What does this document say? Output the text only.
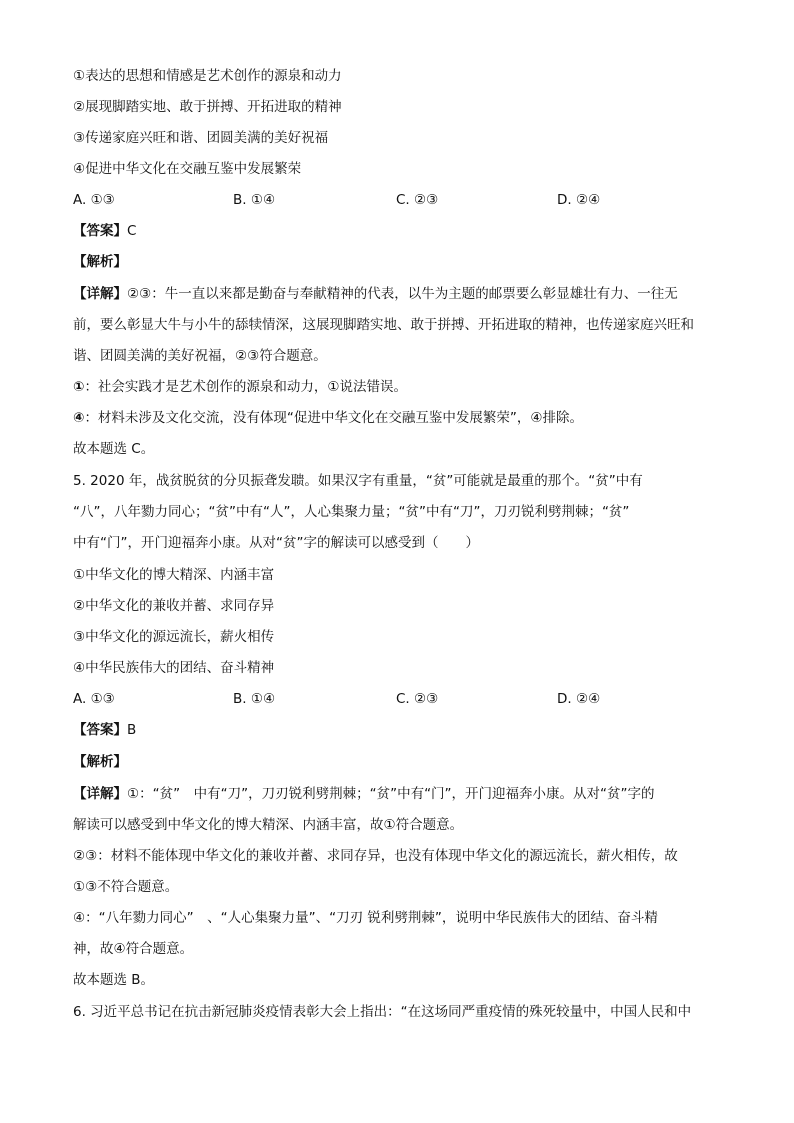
①表达的思想和情感是艺术创作的源泉和动力
②展现脚踏实地、敢于拼搏、开拓进取的精神
③传递家庭兴旺和谐、团圆美满的美好祝福
④促进中华文化在交融互鉴中发展繁荣
A. ①③	B. ①④	C. ②③	D. ②④
【答案】C
【解析】
【详解】②③：牛一直以来都是勤奋与奉献精神的代表，以牛为主题的邮票要么彰显雄壮有力、一往无
前，要么彰显大牛与小牛的舔犊情深，这展现脚踏实地、敢于拼搏、开拓进取的精神，也传递家庭兴旺和
谐、团圆美满的美好祝福，②③符合题意。
①：社会实践才是艺术创作的源泉和动力，①说法错误。
④：材料未涉及文化交流，没有体现“促进中华文化在交融互鉴中发展繁荣”，④排除。
故本题选 C。
5. 2020 年，战贫脱贫的分贝振聋发聩。如果汉字有重量，“贫”可能就是最重的那个。“贫”中有
“八”，八年勠力同心；“贫”中有“人”，人心集聚力量；“贫”中有“刀”，刀刃锐利劈荆棘；“贫”
中有“门”，开门迎福奔小康。从对“贫”字的解读可以感受到（　　）
①中华文化的博大精深、内涵丰富
②中华文化的兼收并蓄、求同存异
③中华文化的源远流长，薪火相传
④中华民族伟大的团结、奋斗精神
A. ①③	B. ①④	C. ②③	D. ②④
【答案】B
【解析】
【详解】①：“贫”　中有“刀”，刀刃锐利劈荆棘；“贫”中有“门”，开门迎福奔小康。从对“贫”字的
解读可以感受到中华文化的博大精深、内涵丰富，故①符合题意。
②③：材料不能体现中华文化的兼收并蓄、求同存异，也没有体现中华文化的源远流长，薪火相传，故
①③不符合题意。
④：“八年勠力同心”　、“人心集聚力量”、“刀刃 锐利劈荆棘”，说明中华民族伟大的团结、奋斗精
神，故④符合题意。
故本题选 B。
6. 习近平总书记在抗击新冠肺炎疫情表彰大会上指出：“在这场同严重疫情的殊死较量中，中国人民和中
